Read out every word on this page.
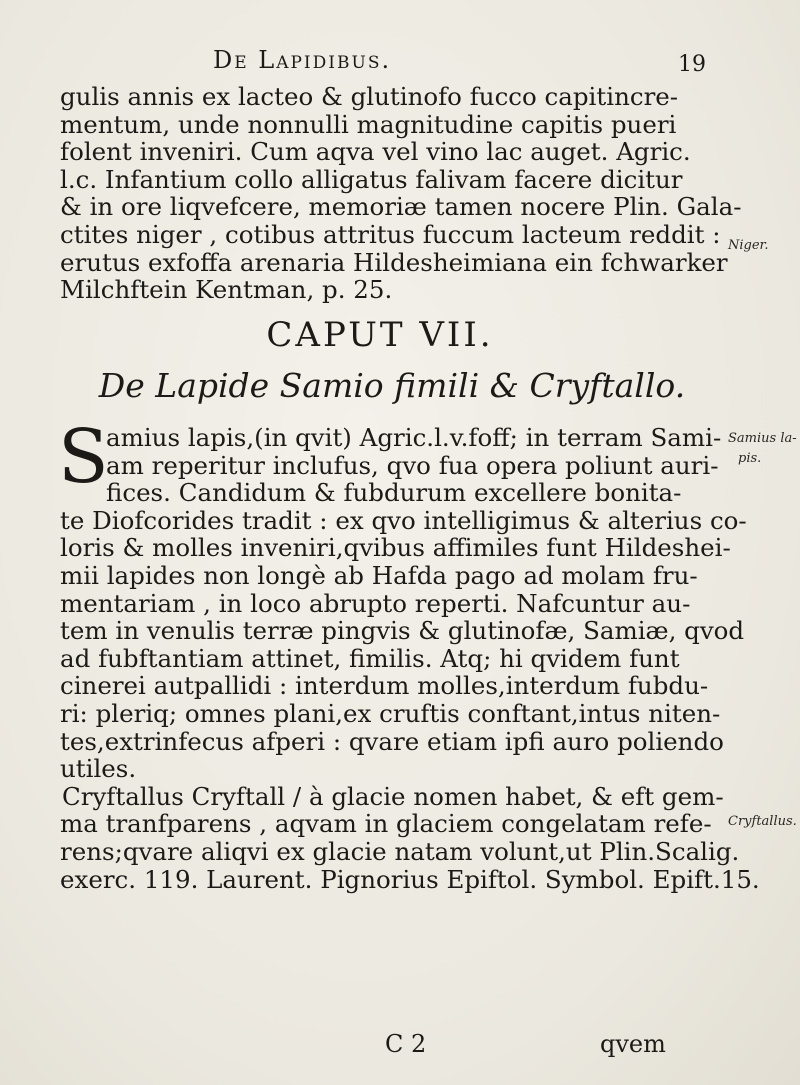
De Lapidibus.	19
gulis annis ex lacteo & glutinofo fucco capitincre-
mentum, unde nonnulli magnitudine capitis pueri
folent inveniri. Cum aqva vel vino lac auget. Agric.
l.c. Infantium collo alligatus falivam facere dicitur
& in ore liqvefcere, memoriæ tamen nocere Plin. Gala-
ctites niger , cotibus attritus fuccum lacteum reddit :
erutus exfoffa arenaria Hildesheimiana ein fchwarker
Milchftein Kentman, p. 25.
CAPUT VII.
De Lapide Samio fimili & Cryftallo.
S
amius lapis,(in qvit) Agric.l.v.foff; in terram Sami-
am reperitur inclufus, qvo fua opera poliunt auri-
fices. Candidum & fubdurum excellere bonita-
te Diofcorides tradit : ex qvo intelligimus & alterius co-
loris & molles inveniri,qvibus affimiles funt Hildeshei-
mii lapides non longè ab Hafda pago ad molam fru-
mentariam , in loco abrupto reperti. Nafcuntur au-
tem in venulis terræ pingvis & glutinofæ, Samiæ, qvod
ad fubftantiam attinet, fimilis. Atq; hi qvidem funt
cinerei autpallidi : interdum molles,interdum fubdu-
ri: pleriq; omnes plani,ex cruftis conftant,intus niten-
tes,extrinfecus afperi : qvare etiam ipfi auro poliendo
utiles.
Cryftallus Cryftall / à glacie nomen habet, & eft gem-
ma tranfparens , aqvam in glaciem congelatam refe-
rens;qvare aliqvi ex glacie natam volunt,ut Plin.Scalig.
exerc. 119. Laurent. Pignorius Epiftol. Symbol. Epift.15.
Niger.
Samius la-
pis.
Cryftallus.
C 2	qvem
